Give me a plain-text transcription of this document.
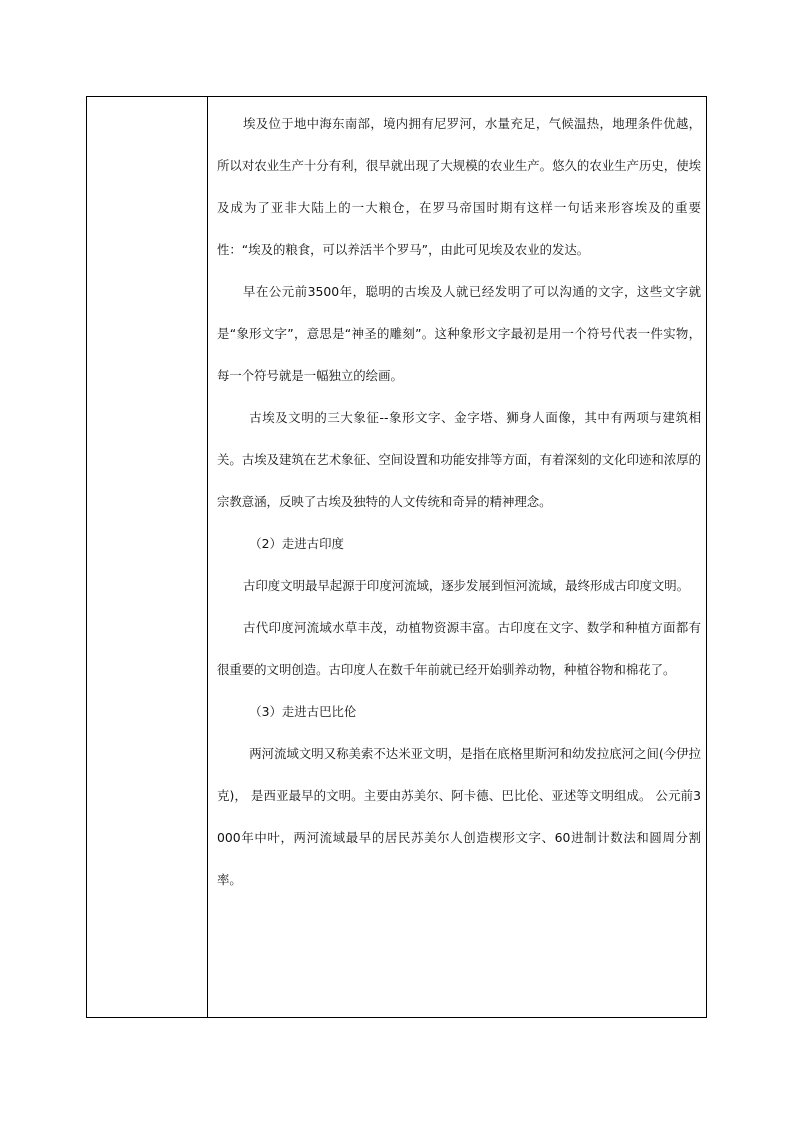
埃及位于地中海东南部，境内拥有尼罗河，水量充足，气候温热，地理条件优越，所以对农业生产十分有利，很早就出现了大规模的农业生产。悠久的农业生产历史，使埃及成为了亚非大陆上的一大粮仓，在罗马帝国时期有这样一句话来形容埃及的重要性：“埃及的粮食，可以养活半个罗马”，由此可见埃及农业的发达。

早在公元前3500年，聪明的古埃及人就已经发明了可以沟通的文字，这些文字就是“象形文字”，意思是“神圣的雕刻”。这种象形文字最初是用一个符号代表一件实物，每一个符号就是一幅独立的绘画。

古埃及文明的三大象征--象形文字、金字塔、狮身人面像，其中有两项与建筑相关。古埃及建筑在艺术象征、空间设置和功能安排等方面，有着深刻的文化印迹和浓厚的宗教意涵，反映了古埃及独特的人文传统和奇异的精神理念。

（2）走进古印度

古印度文明最早起源于印度河流域，逐步发展到恒河流域，最终形成古印度文明。

古代印度河流域水草丰茂，动植物资源丰富。古印度在文字、数学和种植方面都有很重要的文明创造。古印度人在数千年前就已经开始驯养动物，种植谷物和棉花了。

（3）走进古巴比伦

两河流域文明又称美索不达米亚文明，是指在底格里斯河和幼发拉底河之间(今伊拉克)， 是西亚最早的文明。主要由苏美尔、阿卡德、巴比伦、亚述等文明组成。 公元前3000年中叶，两河流域最早的居民苏美尔人创造楔形文字、60进制计数法和圆周分割率。
